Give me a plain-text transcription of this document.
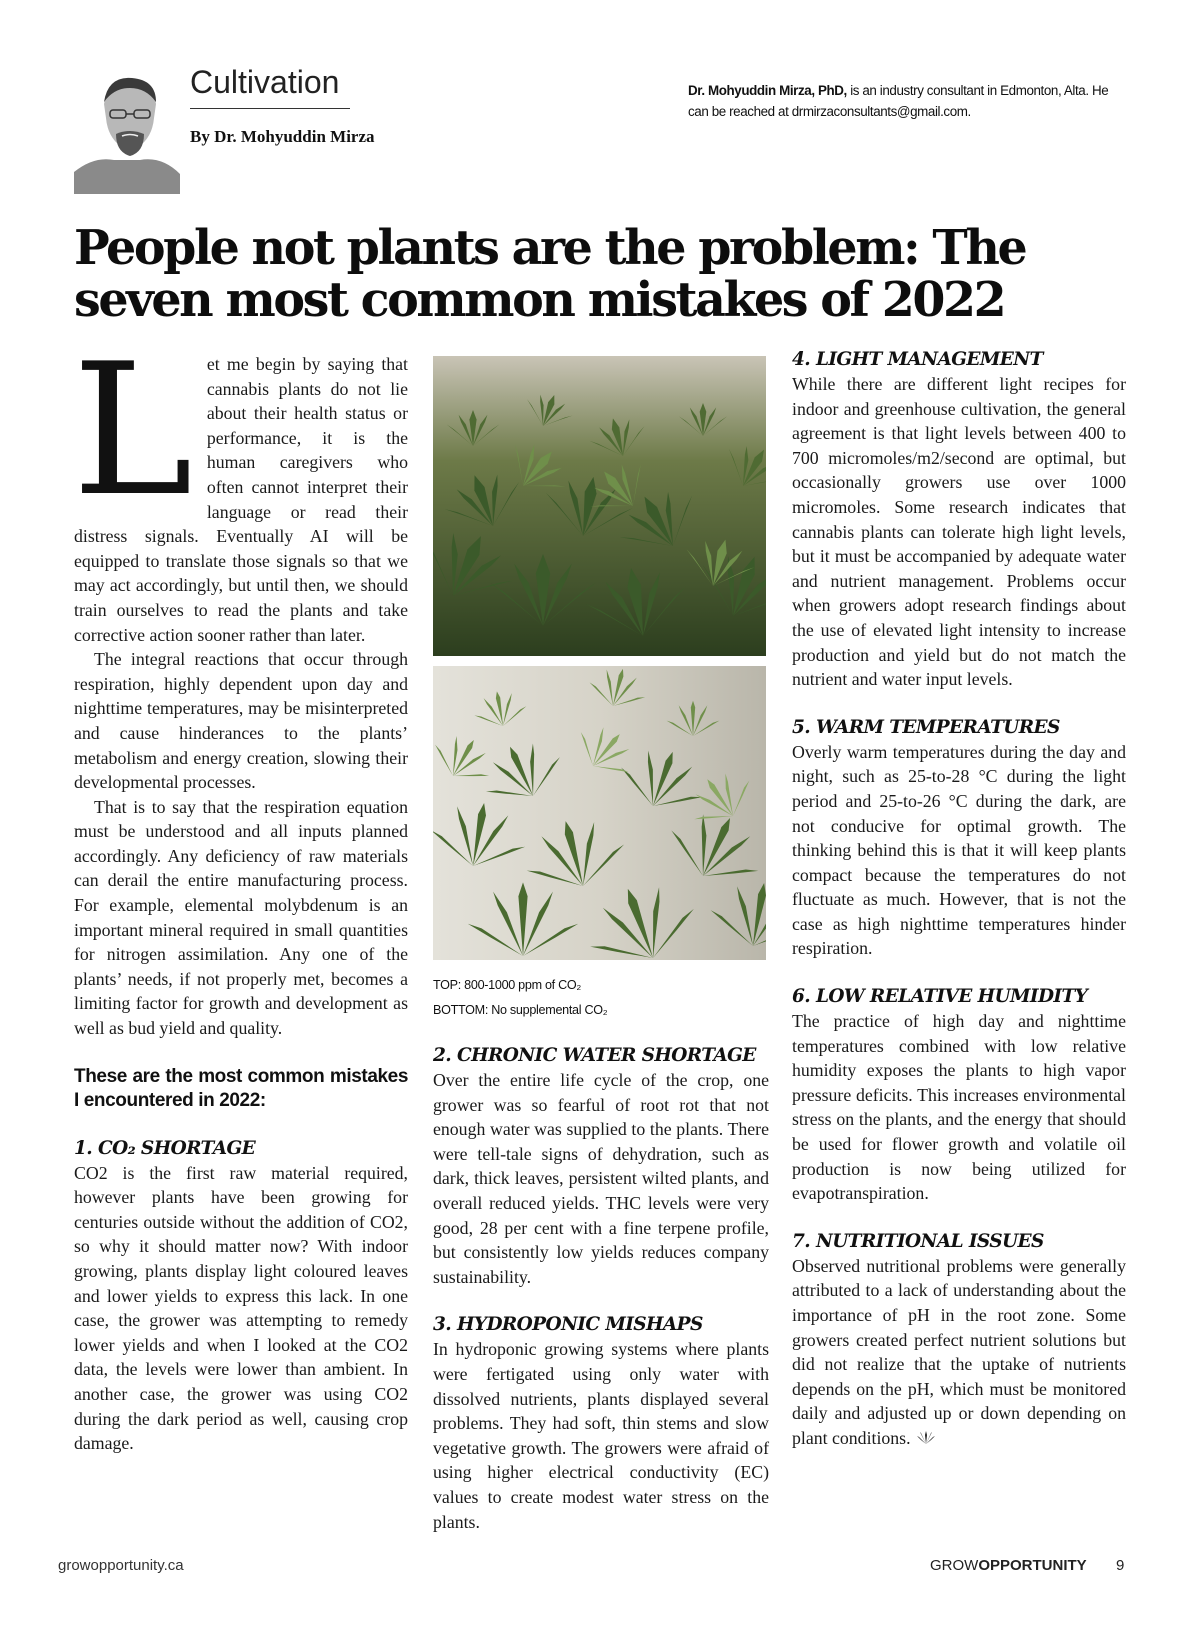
Cultivation
By Dr. Mohyuddin Mirza
Dr. Mohyuddin Mirza, PhD, is an industry consultant in Edmonton, Alta. He can be reached at drmirzaconsultants@gmail.com.
People not plants are the problem: The seven most common mistakes of 2022
L et me begin by saying that cannabis plants do not lie about their health status or performance, it is the human caregivers who often cannot interpret their language or read their distress signals. Eventually AI will be equipped to translate those signals so that we may act accordingly, but until then, we should train ourselves to read the plants and take corrective action sooner rather than later.

The integral reactions that occur through respiration, highly dependent upon day and nighttime temperatures, may be misinterpreted and cause hinderances to the plants’ metabolism and energy creation, slowing their developmental processes.

That is to say that the respiration equation must be understood and all inputs planned accordingly. Any deficiency of raw materials can derail the entire manufacturing process. For example, elemental molybdenum is an important mineral required in small quantities for nitrogen assimilation. Any one of the plants’ needs, if not properly met, becomes a limiting factor for growth and development as well as bud yield and quality.

These are the most common mistakes I encountered in 2022:

1. CO₂ SHORTAGE

CO2 is the first raw material required, however plants have been growing for centuries outside without the addition of CO2, so why it should matter now? With indoor growing, plants display light coloured leaves and lower yields to express this lack. In one case, the grower was attempting to remedy lower yields and when I looked at the CO2 data, the levels were lower than ambient. In another case, the grower was using CO2 during the dark period as well, causing crop damage.

TOP: 800-1000 ppm of CO₂
BOTTOM: No supplemental CO₂
2. CHRONIC WATER SHORTAGE

Over the entire life cycle of the crop, one grower was so fearful of root rot that not enough water was supplied to the plants. There were tell-tale signs of dehydration, such as dark, thick leaves, persistent wilted plants, and overall reduced yields. THC levels were very good, 28 per cent with a fine terpene profile, but consistently low yields reduces company sustainability.

3. HYDROPONIC MISHAPS

In hydroponic growing systems where plants were fertigated using only water with dissolved nutrients, plants displayed several problems. They had soft, thin stems and slow vegetative growth. The growers were afraid of using higher electrical conductivity (EC) values to create modest water stress on the plants.

4. LIGHT MANAGEMENT

While there are different light recipes for indoor and greenhouse cultivation, the general agreement is that light levels between 400 to 700 micromoles/m2/second are optimal, but occasionally growers use over 1000 micromoles. Some research indicates that cannabis plants can tolerate high light levels, but it must be accompanied by adequate water and nutrient management. Problems occur when growers adopt research findings about the use of elevated light intensity to increase production and yield but do not match the nutrient and water input levels.

5. WARM TEMPERATURES

Overly warm temperatures during the day and night, such as 25-to-28 °C during the light period and 25-to-26 °C during the dark, are not conducive for optimal growth. The thinking behind this is that it will keep plants compact because the temperatures do not fluctuate as much. However, that is not the case as high nighttime temperatures hinder respiration.

6. LOW RELATIVE HUMIDITY

The practice of high day and nighttime temperatures combined with low relative humidity exposes the plants to high vapor pressure deficits. This increases environmental stress on the plants, and the energy that should be used for flower growth and volatile oil production is now being utilized for evapotranspiration.

7. NUTRITIONAL ISSUES

Observed nutritional problems were generally attributed to a lack of understanding about the importance of pH in the root zone. Some growers created perfect nutrient solutions but did not realize that the uptake of nutrients depends on the pH, which must be monitored daily and adjusted up or down depending on plant conditions.

growopportunity.ca	GROWOPPORTUNITY 9
